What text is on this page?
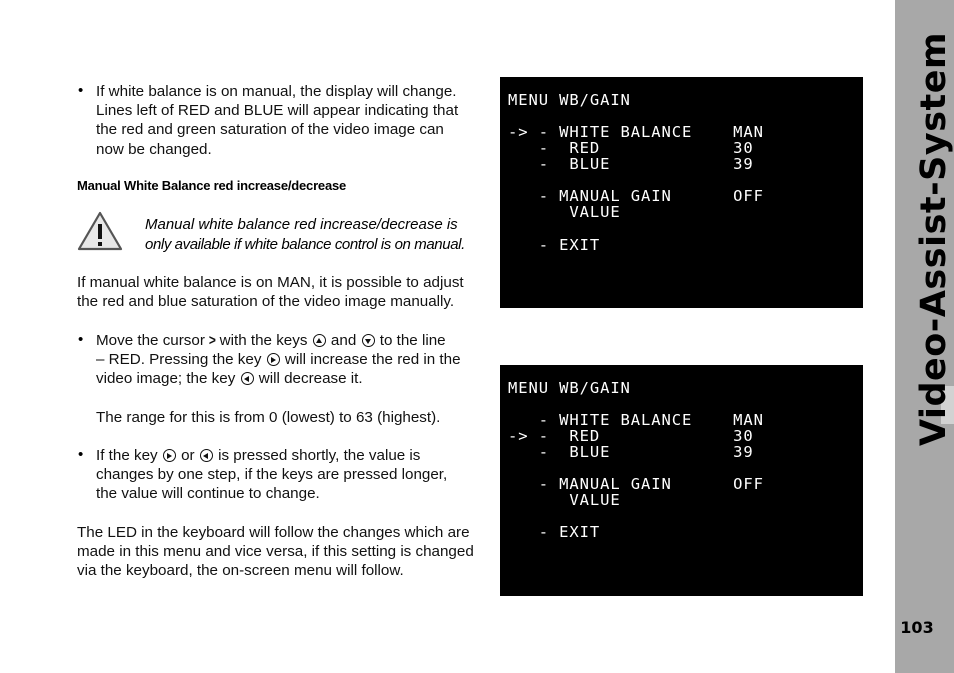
• If white balance is on manual, the display will change.
Lines left of RED and BLUE will appear indicating that
the red and green saturation of the video image can
now be changed.
Manual White Balance red increase/decrease
Manual white balance red increase/decrease is
only available if white balance control is on manual.
If manual white balance is on MAN, it is possible to adjust
the red and blue saturation of the video image manually.
• Move the cursor > with the keys and to the line
– RED. Pressing the key will increase the red in the
video image; the key will decrease it.
The range for this is from 0 (lowest) to 63 (highest).
• If the key or is pressed shortly, the value is
changes by one step, if the keys are pressed longer,
the value will continue to change.
The LED in the keyboard will follow the changes which are
made in this menu and vice versa, if this setting is changed
via the keyboard, the on-screen menu will follow.
MENU WB/GAIN
-> - WHITE BALANCE    MAN
-  RED             30
-  BLUE            39
- MANUAL GAIN      OFF
VALUE
- EXIT
MENU WB/GAIN
- WHITE BALANCE    MAN
-> -  RED             30
-  BLUE            39
- MANUAL GAIN      OFF
VALUE
- EXIT
Video-Assist-System
103
